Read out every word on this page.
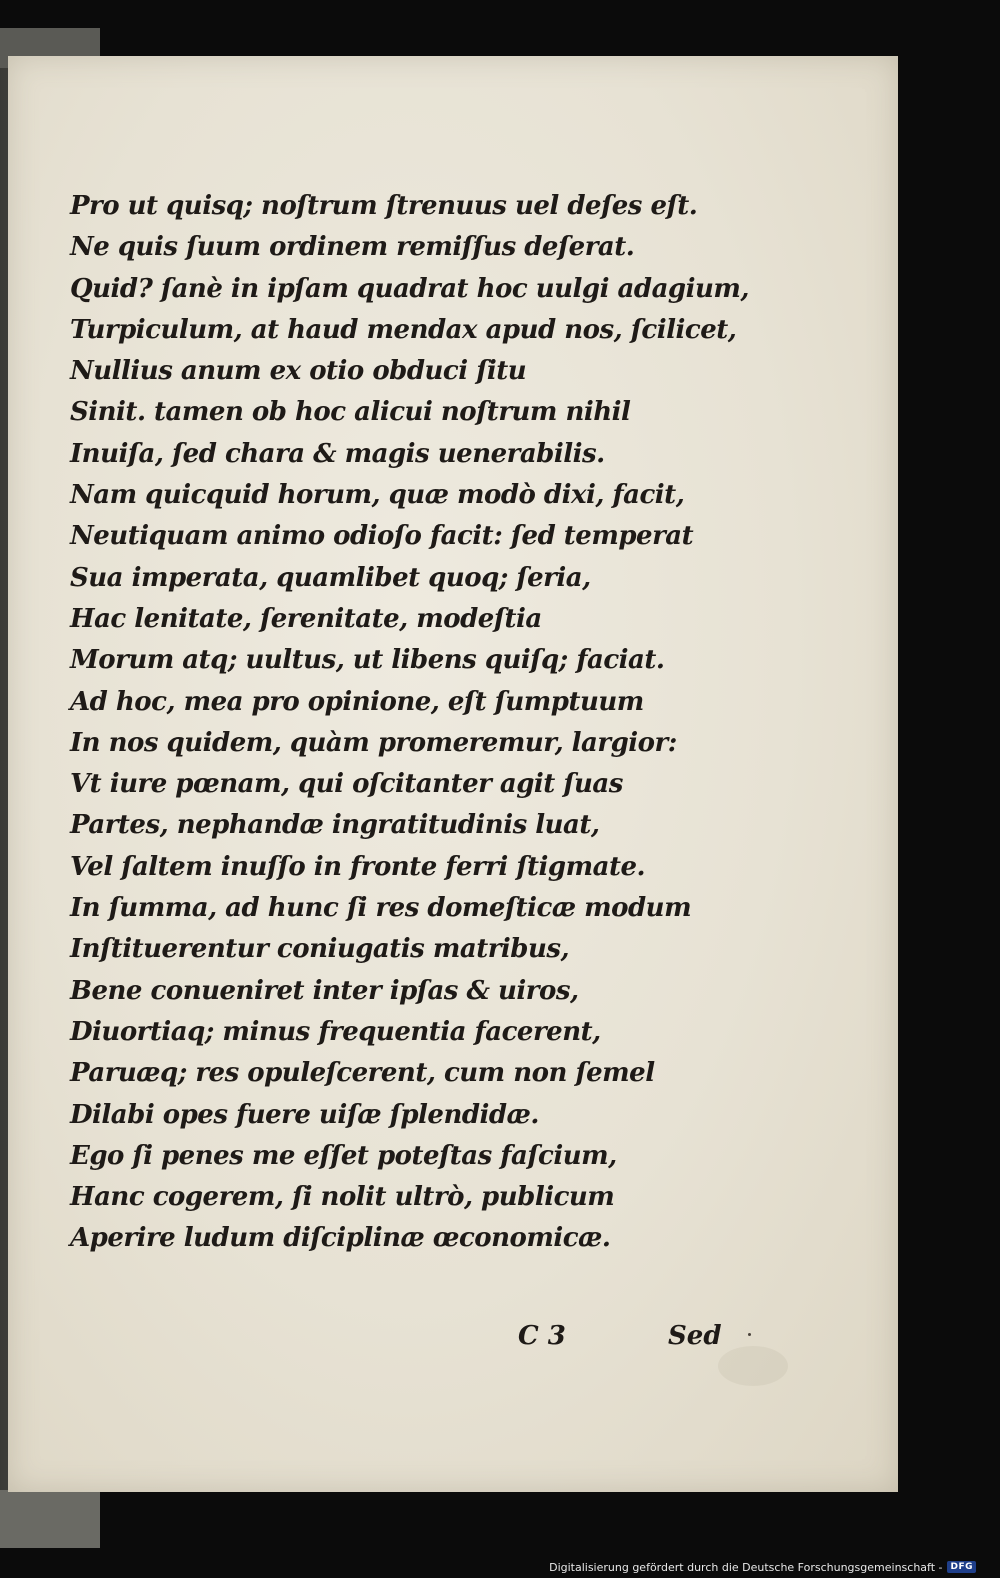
Pro ut quisq; noſtrum ſtrenuus uel deſes eſt.
Ne quis ſuum ordinem remiſſus deſerat.
Quid? ſanè in ipſam quadrat hoc uulgi adagium,
Turpiculum, at haud mendax apud nos, ſcilicet,
Nullius anum ex otio obduci ſitu
Sinit. tamen ob hoc alicui noſtrum nihil
Inuiſa, ſed chara & magis uenerabilis.
Nam quicquid horum, quæ modò dixi, facit,
Neutiquam animo odioſo facit: ſed temperat
Sua imperata, quamlibet quoq; ſeria,
Hac lenitate, ſerenitate, modeſtia
Morum atq; uultus, ut libens quiſq; faciat.
Ad hoc, mea pro opinione, eſt ſumptuum
In nos quidem, quàm promeremur, largior:
Vt iure pœnam, qui oſcitanter agit ſuas
Partes, nephandæ ingratitudinis luat,
Vel ſaltem inuſſo in fronte ferri ſtigmate.
In ſumma, ad hunc ſi res domeſticæ modum
Inſtituerentur coniugatis matribus,
Bene conueniret inter ipſas & uiros,
Diuortiaq; minus frequentia facerent,
Paruæq; res opuleſcerent, cum non ſemel
Dilabi opes fuere uiſæ ſplendidæ.
Ego ſi penes me eſſet poteſtas faſcium,
Hanc cogerem, ſi nolit ultrò, publicum
Aperire ludum diſciplinæ œconomicæ.
C 3	Sed
Digitalisierung gefördert durch die Deutsche Forschungsgemeinschaft - DFG
